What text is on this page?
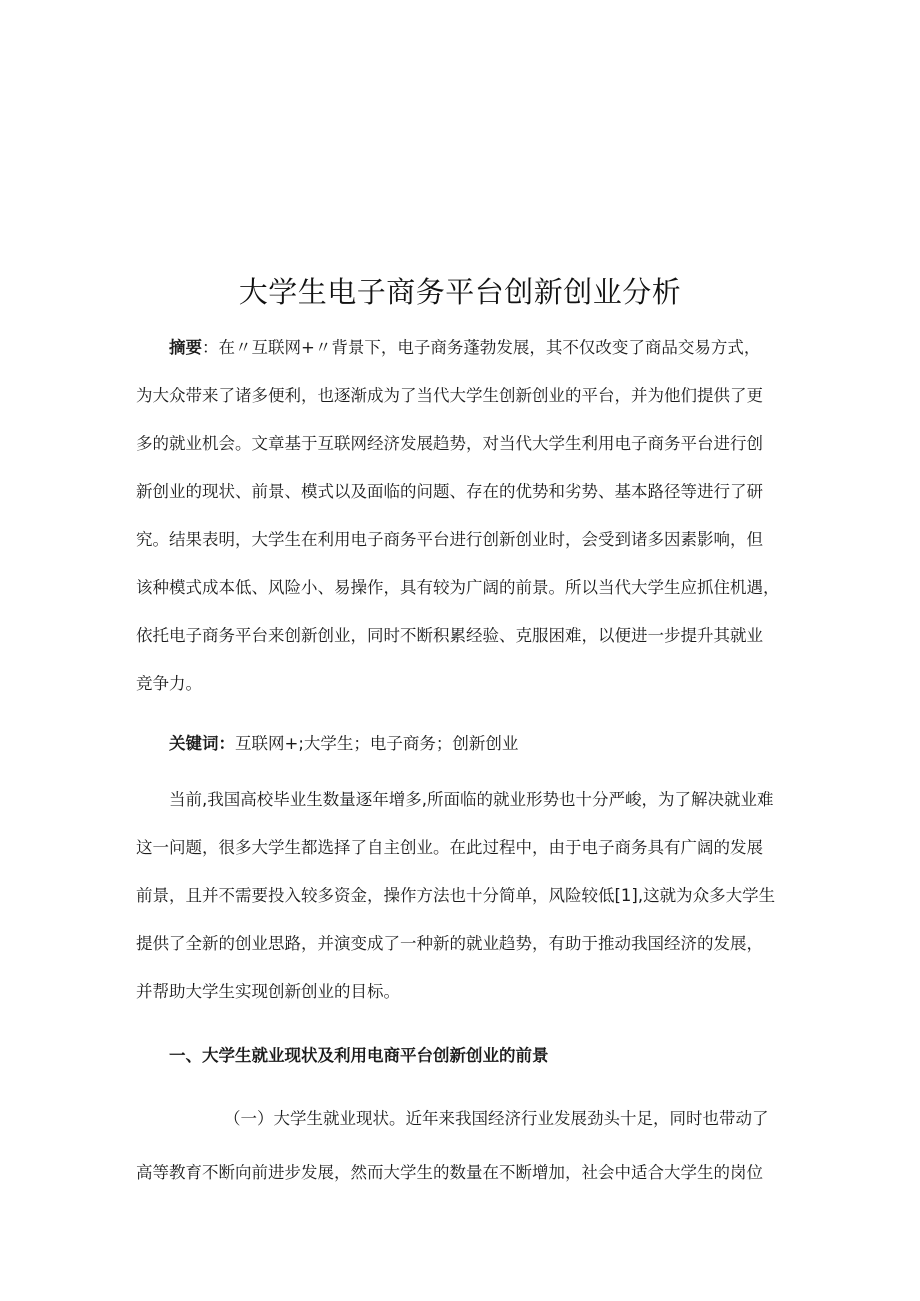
大学生电子商务平台创新创业分析
摘要：在〃互联网+〃背景下，电子商务蓬勃发展，其不仅改变了商品交易方式，
为大众带来了诸多便利，也逐渐成为了当代大学生创新创业的平台，并为他们提供了更
多的就业机会。文章基于互联网经济发展趋势，对当代大学生利用电子商务平台进行创
新创业的现状、前景、模式以及面临的问题、存在的优势和劣势、基本路径等进行了研
究。结果表明，大学生在利用电子商务平台进行创新创业时，会受到诸多因素影响，但
该种模式成本低、风险小、易操作，具有较为广阔的前景。所以当代大学生应抓住机遇，
依托电子商务平台来创新创业，同时不断积累经验、克服困难，以便进一步提升其就业
竞争力。
关键词：互联网+;大学生；电子商务；创新创业
当前,我国高校毕业生数量逐年增多,所面临的就业形势也十分严峻，为了解决就业难
这一问题，很多大学生都选择了自主创业。在此过程中，由于电子商务具有广阔的发展
前景，且并不需要投入较多资金，操作方法也十分简单，风险较低[1],这就为众多大学生
提供了全新的创业思路，并演变成了一种新的就业趋势，有助于推动我国经济的发展，
并帮助大学生实现创新创业的目标。
一、大学生就业现状及利用电商平台创新创业的前景
（一）大学生就业现状。近年来我国经济行业发展劲头十足，同时也带动了
高等教育不断向前进步发展，然而大学生的数量在不断增加，社会中适合大学生的岗位
